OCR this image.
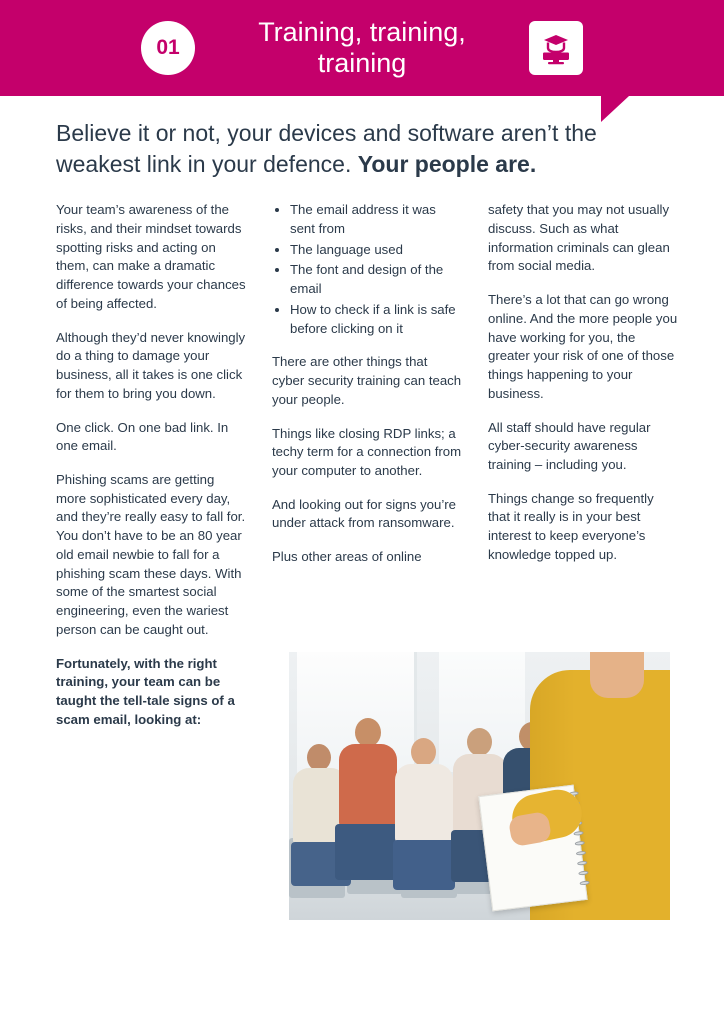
01
Training, training, training
Believe it or not, your devices and software aren’t the weakest link in your defence. Your people are.

Your team’s awareness of the risks, and their mindset towards spotting risks and acting on them, can make a dramatic difference towards your chances of being affected.

Although they’d never knowingly do a thing to damage your business, all it takes is one click for them to bring you down.

One click. On one bad link. In one email.

Phishing scams are getting more sophisticated every day, and they’re really easy to fall for. You don’t have to be an 80 year old email newbie to fall for a phishing scam these days. With some of the smartest social engineering, even the wariest person can be caught out.

Fortunately, with the right training, your team can be taught the tell-tale signs of a scam email, looking at:

• The email address it was sent from
• The language used
• The font and design of the email
• How to check if a link is safe before clicking on it

There are other things that cyber security training can teach your people.

Things like closing RDP links; a techy term for a connection from your computer to another.

And looking out for signs you’re under attack from ransomware.

Plus other areas of online

safety that you may not usually discuss. Such as what information criminals can glean from social media.

There’s a lot that can go wrong online. And the more people you have working for you, the greater your risk of one of those things happening to your business.

All staff should have regular cyber-security awareness training – including you.

Things change so frequently that it really is in your best interest to keep everyone’s knowledge topped up.
